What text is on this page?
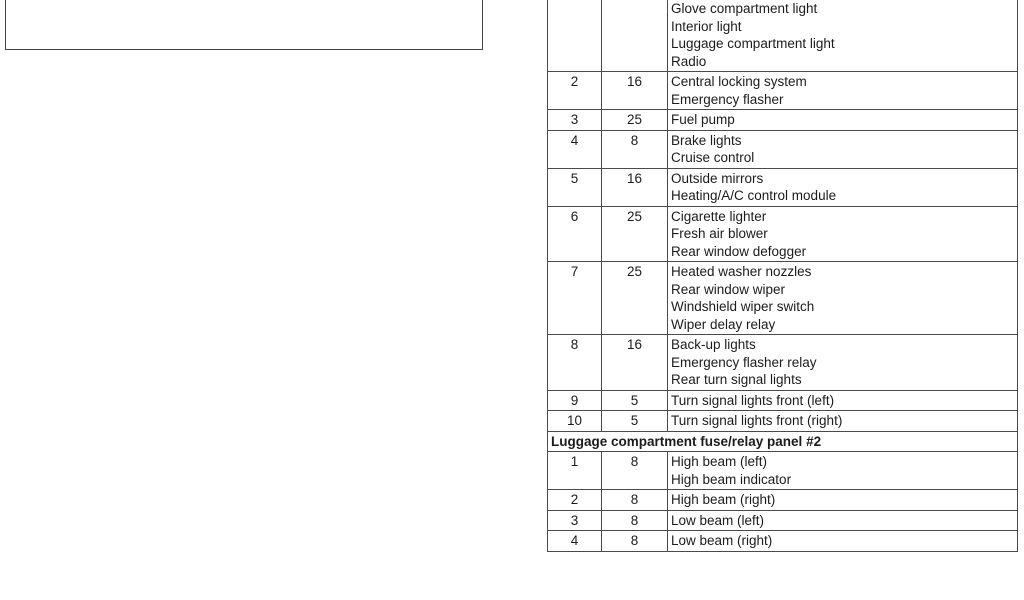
		Glove compartment light
Interior light
Luggage compartment light
Radio

2	16	Central locking system
Emergency flasher

3	25	Fuel pump

4	8	Brake lights
Cruise control

5	16	Outside mirrors
Heating/A/C control module

6	25	Cigarette lighter
Fresh air blower
Rear window defogger

7	25	Heated washer nozzles
Rear window wiper
Windshield wiper switch
Wiper delay relay

8	16	Back-up lights
Emergency flasher relay
Rear turn signal lights

9	5	Turn signal lights front (left)

10	5	Turn signal lights front (right)

Luggage compartment fuse/relay panel #2		
1	8	High beam (left)
High beam indicator

2	8	High beam (right)

3	8	Low beam (left)

4	8	Low beam (right)
